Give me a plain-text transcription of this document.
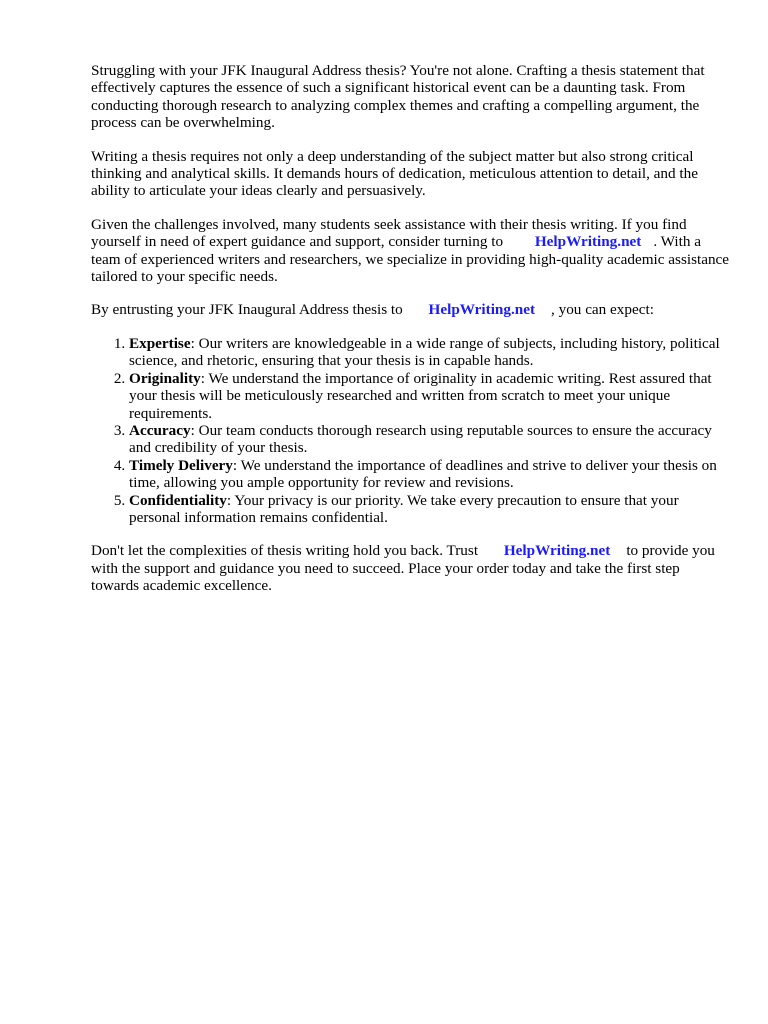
Struggling with your JFK Inaugural Address thesis? You're not alone. Crafting a thesis statement that effectively captures the essence of such a significant historical event can be a daunting task. From conducting thorough research to analyzing complex themes and crafting a compelling argument, the process can be overwhelming.

Writing a thesis requires not only a deep understanding of the subject matter but also strong critical thinking and analytical skills. It demands hours of dedication, meticulous attention to detail, and the ability to articulate your ideas clearly and persuasively.

Given the challenges involved, many students seek assistance with their thesis writing. If you find yourself in need of expert guidance and support, consider turning to HelpWriting.net . With a team of experienced writers and researchers, we specialize in providing high-quality academic assistance tailored to your specific needs.

By entrusting your JFK Inaugural Address thesis to HelpWriting.net , you can expect:

1. Expertise: Our writers are knowledgeable in a wide range of subjects, including history, political science, and rhetoric, ensuring that your thesis is in capable hands.
2. Originality: We understand the importance of originality in academic writing. Rest assured that your thesis will be meticulously researched and written from scratch to meet your unique requirements.
3. Accuracy: Our team conducts thorough research using reputable sources to ensure the accuracy and credibility of your thesis.
4. Timely Delivery: We understand the importance of deadlines and strive to deliver your thesis on time, allowing you ample opportunity for review and revisions.
5. Confidentiality: Your privacy is our priority. We take every precaution to ensure that your personal information remains confidential.

Don't let the complexities of thesis writing hold you back. Trust HelpWriting.net to provide you with the support and guidance you need to succeed. Place your order today and take the first step towards academic excellence.
